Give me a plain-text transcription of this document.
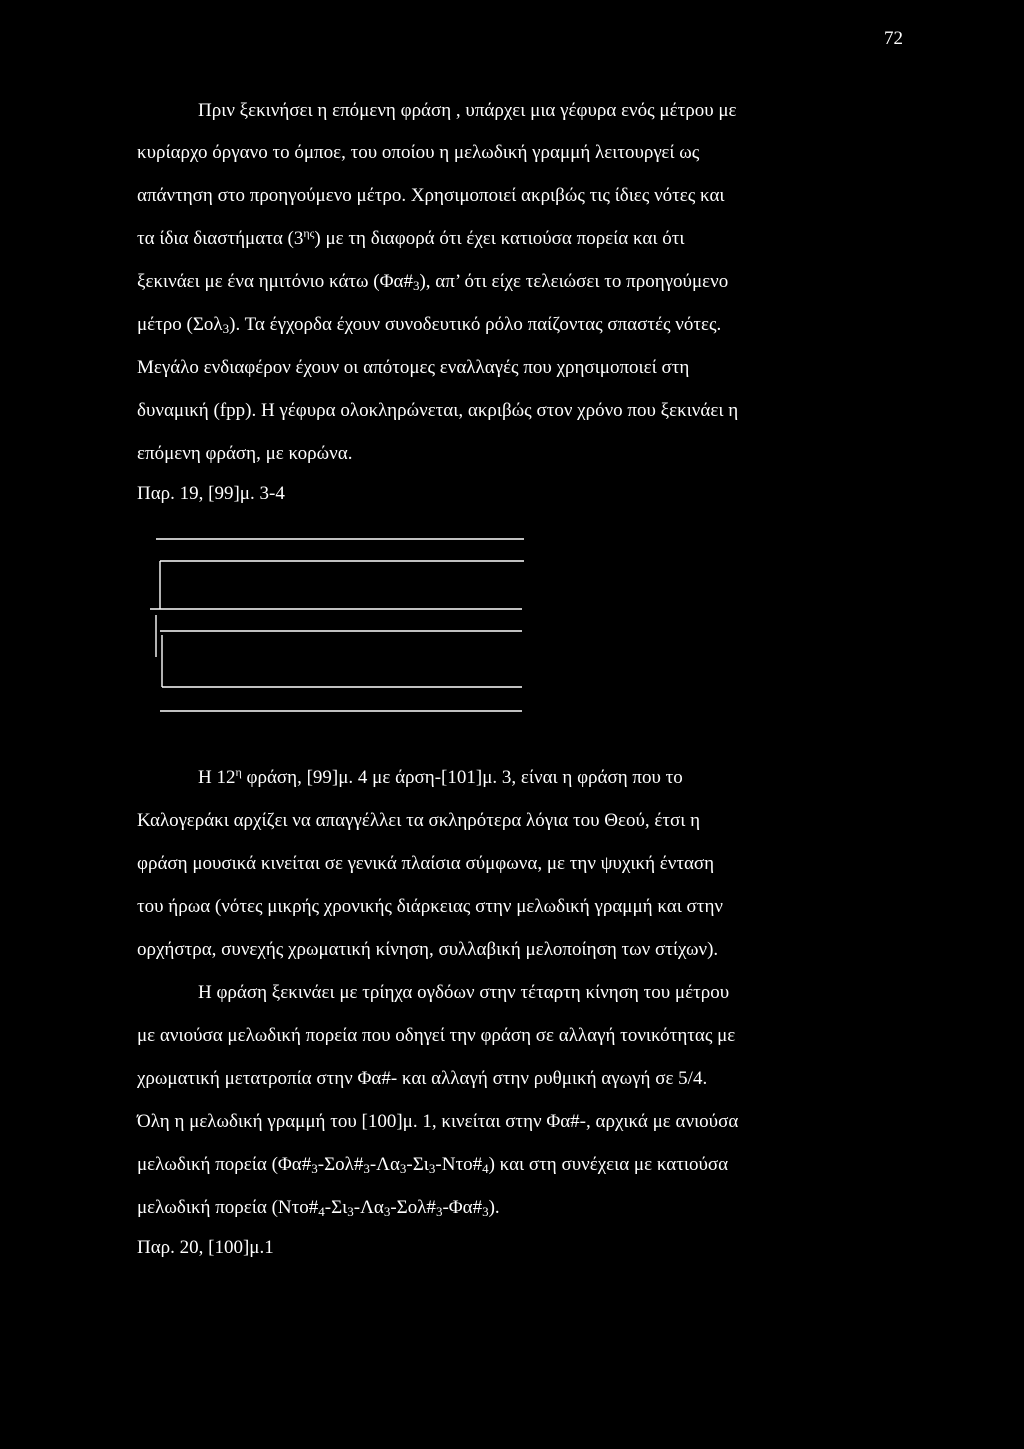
72
Πριν ξεκινήσει η επόμενη φράση , υπάρχει μια γέφυρα ενός μέτρου με
κυρίαρχο όργανο το όμποε, του οποίου η μελωδική γραμμή λειτουργεί ως
απάντηση στο προηγούμενο μέτρο. Χρησιμοποιεί ακριβώς τις ίδιες νότες και
τα ίδια διαστήματα $(3^{\eta\varsigma})$ με τη διαφορά ότι έχει κατιούσα πορεία και ότι
ξεκινάει με ένα ημιτόνιο κάτω $(\Phi\alpha\#_3)$, απ’ ότι είχε τελειώσει το προηγούμενο
μέτρο (Σολ$_3$). Τα έγχορδα έχουν συνοδευτικό ρόλο παίζοντας σπαστές νότες.
Μεγάλο ενδιαφέρον έχουν οι απότομες εναλλαγές που χρησιμοποιεί στη
δυναμική (fpp). Η γέφυρα ολοκληρώνεται, ακριβώς στον χρόνο που ξεκινάει η
επόμενη φράση, με κορώνα.
Παρ. 19, [99]μ. 3-4
Η $12^\eta$ φράση, [99]μ. 4 με άρση-[101]μ. 3, είναι η φράση που το
Καλογεράκι αρχίζει να απαγγέλλει τα σκληρότερα λόγια του Θεού, έτσι η
φράση μουσικά κινείται σε γενικά πλαίσια σύμφωνα, με την ψυχική ένταση
του ήρωα (νότες μικρής χρονικής διάρκειας στην μελωδική γραμμή και στην
ορχήστρα, συνεχής χρωματική κίνηση, συλλαβική μελοποίηση των στίχων).
Η φράση ξεκινάει με τρίηχα ογδόων στην τέταρτη κίνηση του μέτρου
με ανιούσα μελωδική πορεία που οδηγεί την φράση σε αλλαγή τονικότητας με
χρωματική μετατροπία στην Φα#- και αλλαγή στην ρυθμική αγωγή σε 5/4.
Όλη η μελωδική γραμμή του [100]μ. 1, κινείται στην Φα#-, αρχικά με ανιούσα
μελωδική πορεία $(\Phi\alpha\#_3-\Sigma o\lambda\#_3-\Lambda\alpha_3-\Sigma\iota_3-N\tau o\#_4)$ και στη συνέχεια με κατιούσα
μελωδική πορεία $(N\tau o\#_4-\Sigma\iota_3-\Lambda\alpha_3-\Sigma o\lambda\#_3-\Phi\alpha\#_3)$.
Παρ. 20, [100]μ.1
